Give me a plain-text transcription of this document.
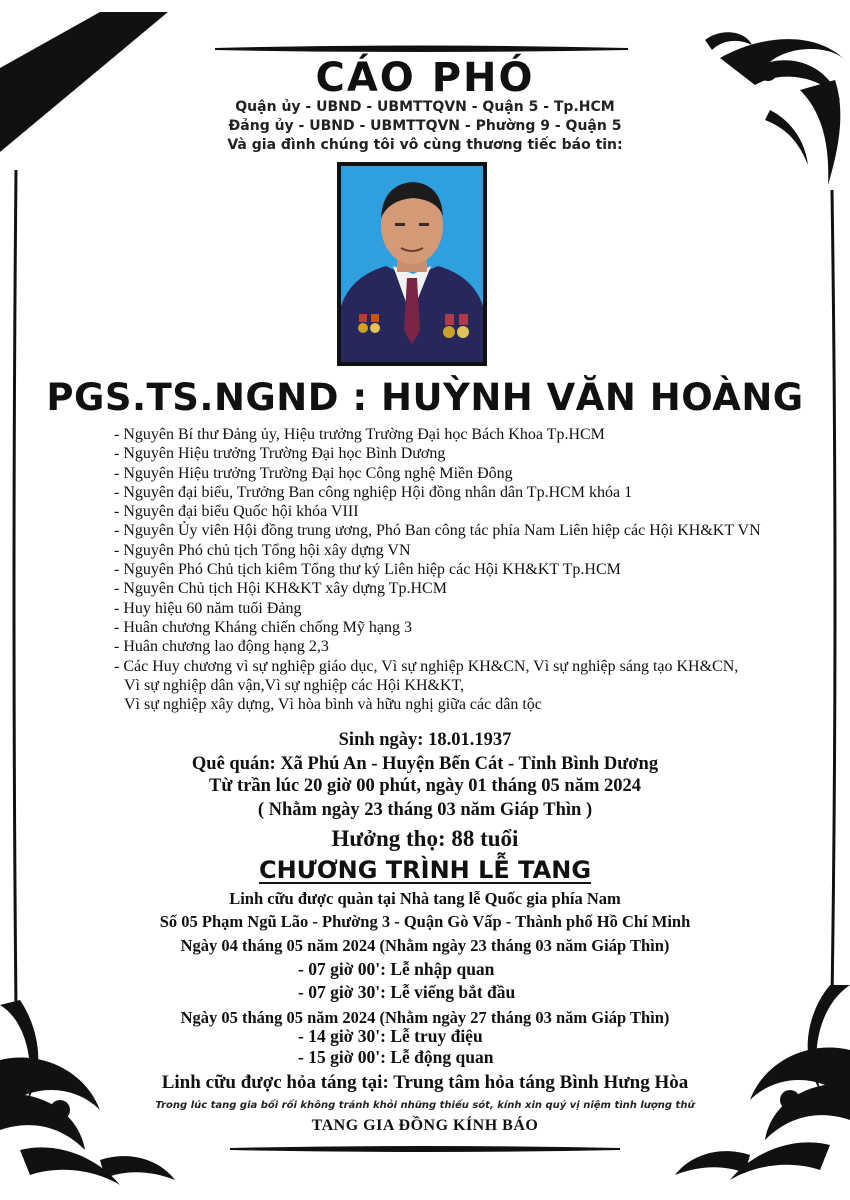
CÁO PHÓ
Quận ủy - UBND - UBMTTQVN - Quận 5 - Tp.HCM
Đảng ủy - UBND - UBMTTQVN - Phường 9 - Quận 5
Và gia đình chúng tôi vô cùng thương tiếc báo tin:
PGS.TS.NGND : HUỲNH VĂN HOÀNG
- Nguyên Bí thư Đảng ủy, Hiệu trưởng Trường Đại học Bách Khoa Tp.HCM
- Nguyên Hiệu trưởng Trường Đại học Bình Dương
- Nguyên Hiệu trưởng Trường Đại học Công nghệ Miền Đông
- Nguyên đại biểu, Trưởng Ban công nghiệp Hội đồng nhân dân Tp.HCM khóa 1
- Nguyên đại biểu Quốc hội khóa VIII
- Nguyên Ủy viên Hội đồng trung ương, Phó Ban công tác phía Nam Liên hiệp các Hội KH&KT VN
- Nguyên Phó chủ tịch Tổng hội xây dựng VN
- Nguyên Phó Chủ tịch kiêm Tổng thư ký Liên hiệp các Hội KH&KT Tp.HCM
- Nguyên Chủ tịch Hội KH&KT xây dựng Tp.HCM
- Huy hiệu 60 năm tuổi Đảng
- Huân chương Kháng chiến chống Mỹ hạng 3
- Huân chương lao động hạng 2,3
- Các Huy chương vì sự nghiệp giáo dục, Vì sự nghiệp KH&CN, Vì sự nghiệp sáng tạo KH&CN,
Vì sự nghiệp dân vận,Vì sự nghiệp các Hội KH&KT,
Vì sự nghiệp xây dựng, Vì hòa bình và hữu nghị giữa các dân tộc
Sinh ngày: 18.01.1937
Quê quán: Xã Phú An - Huyện Bến Cát - Tỉnh Bình Dương
Từ trần lúc 20 giờ 00 phút, ngày 01 tháng 05 năm 2024
( Nhằm ngày 23 tháng 03 năm Giáp Thìn )
Hưởng thọ: 88 tuổi
CHƯƠNG TRÌNH LỄ TANG
Linh cữu được quàn tại Nhà tang lễ Quốc gia phía Nam
Số 05 Phạm Ngũ Lão - Phường 3 - Quận Gò Vấp - Thành phố Hồ Chí Minh
Ngày 04 tháng 05 năm 2024 (Nhằm ngày 23 tháng 03 năm Giáp Thìn)
- 07 giờ 00': Lễ nhập quan
- 07 giờ 30': Lễ viếng bắt đầu
Ngày 05 tháng 05 năm 2024 (Nhằm ngày 27 tháng 03 năm Giáp Thìn)
- 14 giờ 30': Lễ truy điệu
- 15 giờ 00': Lễ động quan
Linh cữu được hỏa táng tại: Trung tâm hỏa táng Bình Hưng Hòa
Trong lúc tang gia bối rối không tránh khỏi những thiếu sót, kính xin quý vị niệm tình lượng thứ
TANG GIA ĐỒNG KÍNH BÁO
